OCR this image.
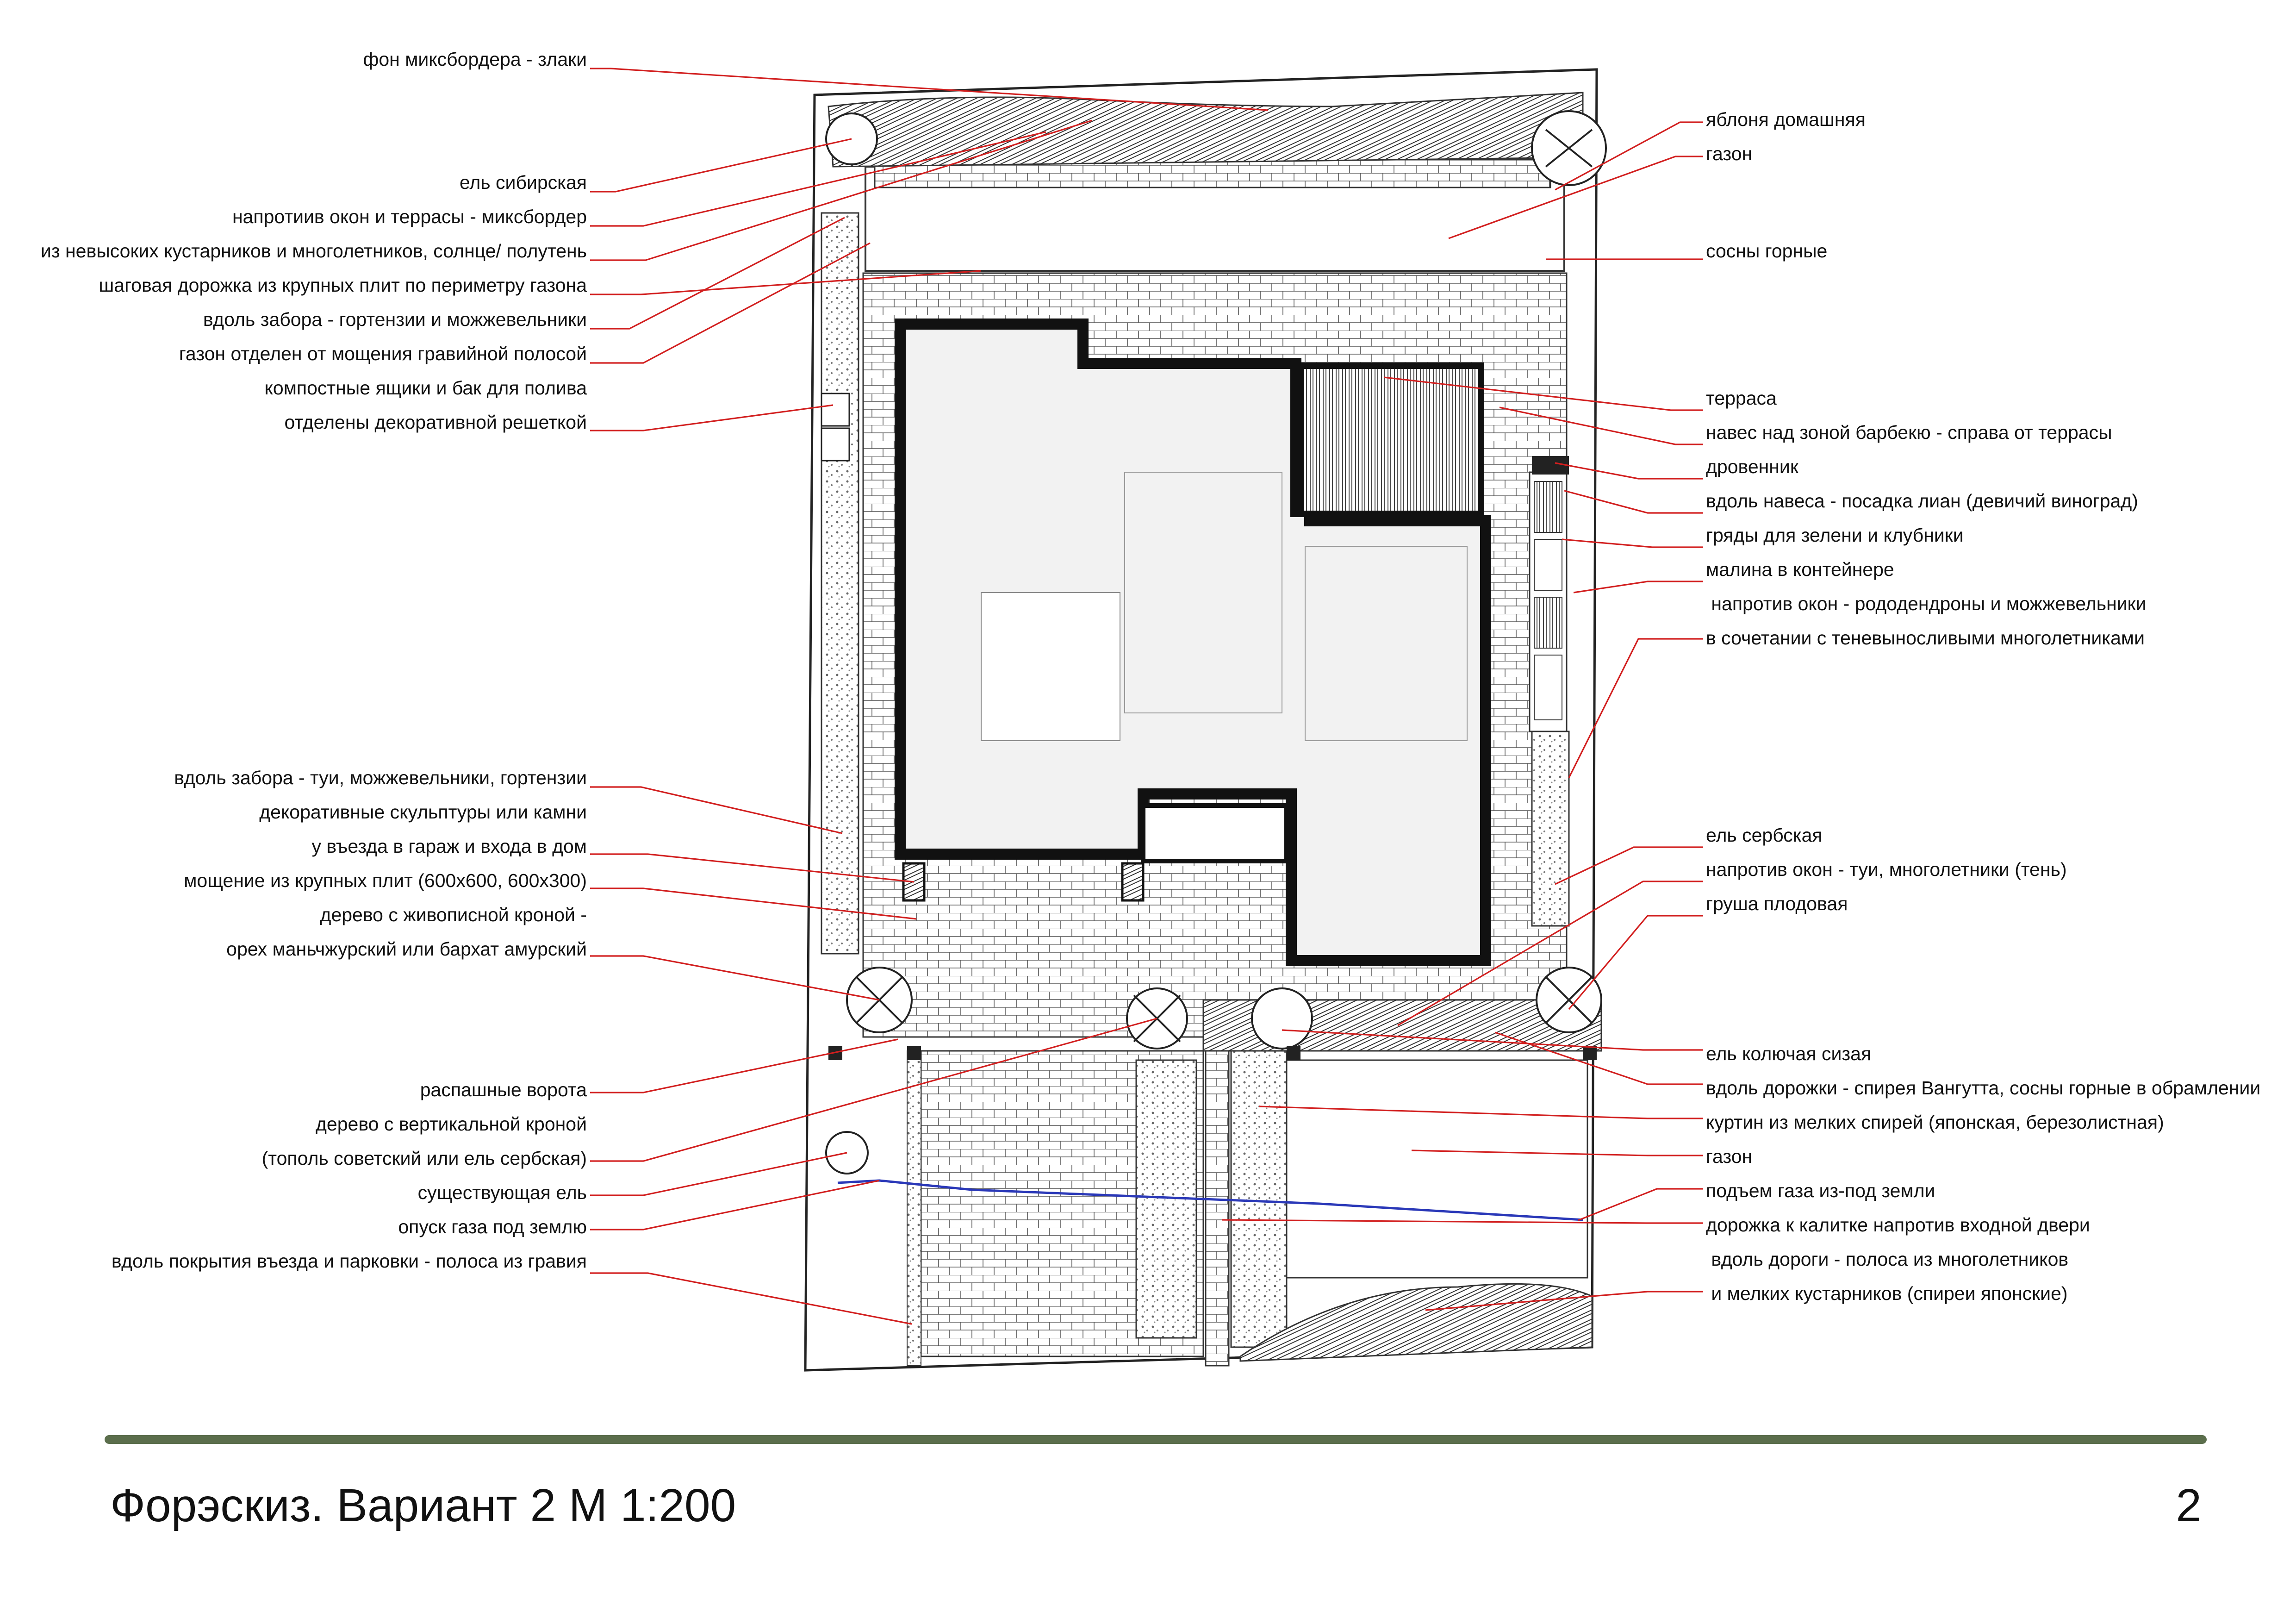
фон миксбордера - злаки
ель сибирская
напротиив окон и террасы - миксбордер
из невысоких кустарников и многолетников, солнце/ полутень
шаговая дорожка из крупных плит по периметру газона
вдоль забора - гортензии и можжевельники
газон отделен от мощения гравийной полосой
компостные ящики и бак для полива
отделены декоративной решеткой
вдоль забора - туи, можжевельники, гортензии
декоративные скульптуры или камни
у въезда в гараж и входа в дом
мощение из крупных плит (600х600, 600х300)
дерево с живописной кроной -
орех маньчжурский или бархат амурский
распашные ворота
дерево с вертикальной кроной
(тополь советский или ель сербская)
существующая ель
опуск газа под землю
вдоль покрытия въезда и парковки - полоса из гравия
яблоня домашняя
газон
сосны горные
терраса
навес над зоной барбекю - справа от террасы
дровенник
вдоль навеса - посадка лиан (девичий виноград)
гряды для зелени и клубники
малина в контейнере
напротив окон - рододендроны и можжевельники
в сочетании с теневыносливыми многолетниками
ель сербская
напротив окон - туи, многолетники (тень)
груша плодовая
ель колючая сизая
вдоль дорожки - спирея Вангутта, сосны горные в обрамлении
куртин из мелких спирей (японская, березолистная)
газон
подъем газа из-под земли
дорожка к калитке напротив входной двери
вдоль дороги - полоса из многолетников
и мелких кустарников (спиреи японские)
Форэскиз. Вариант 2 М 1:200	2
